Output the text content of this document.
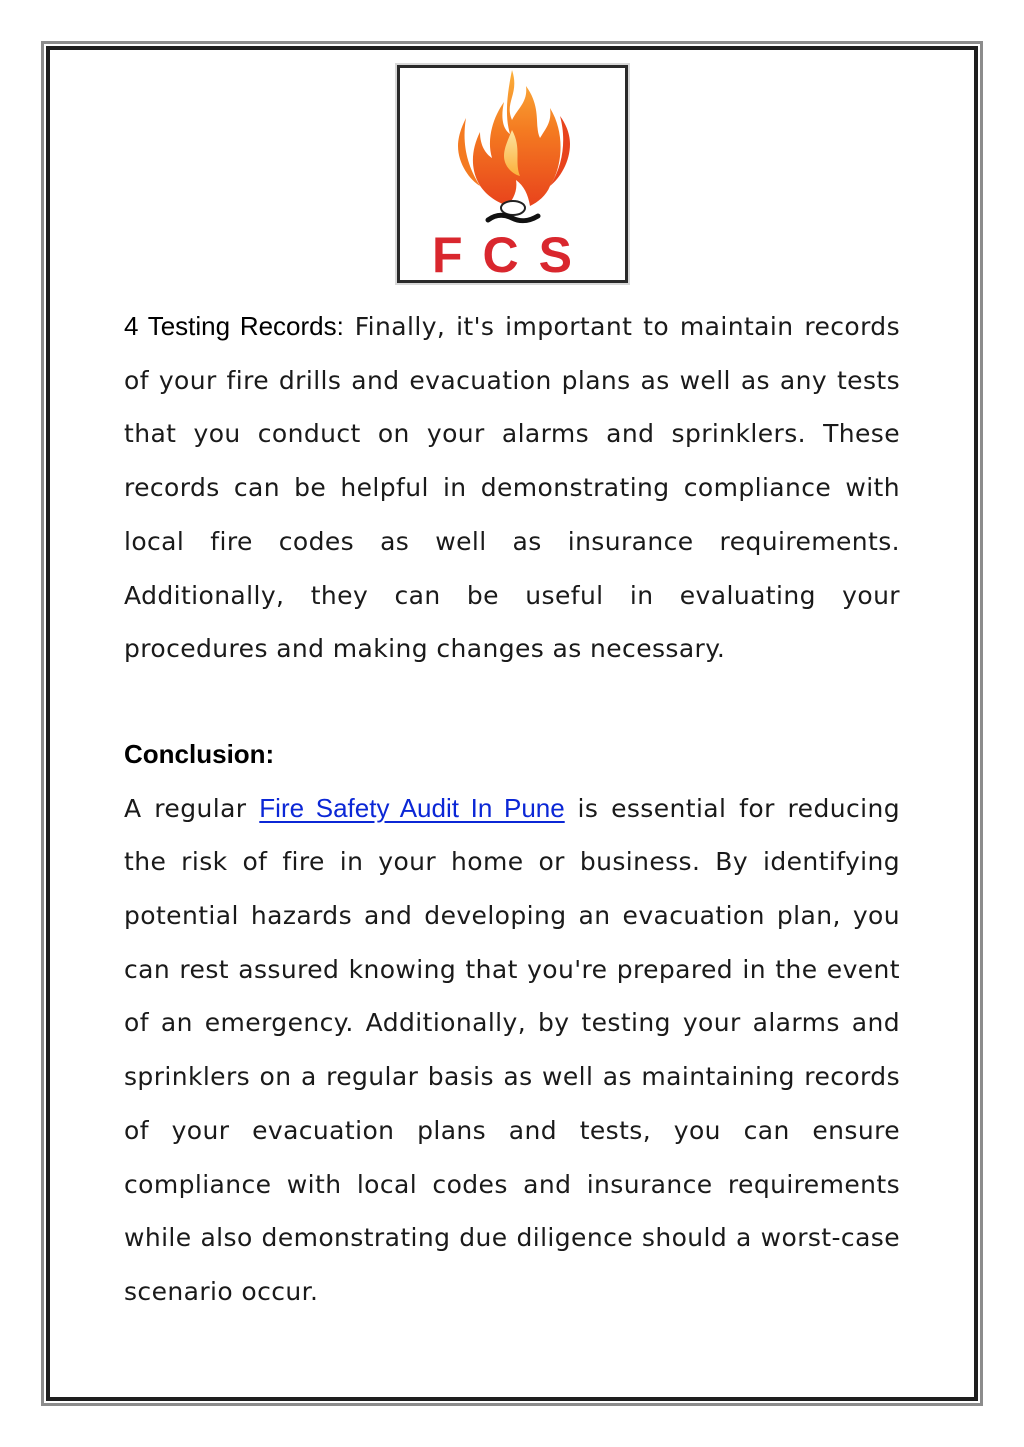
FCS

4 Testing Records: Finally, it's important to maintain records of your fire drills and evacuation plans as well as any tests that you conduct on your alarms and sprinklers. These records can be helpful in demonstrating compliance with local fire codes as well as insurance requirements. Additionally, they can be useful in evaluating your procedures and making changes as necessary.

Conclusion:

A regular Fire Safety Audit In Pune is essential for reducing the risk of fire in your home or business. By identifying potential hazards and developing an evacuation plan, you can rest assured knowing that you're prepared in the event of an emergency. Additionally, by testing your alarms and sprinklers on a regular basis as well as maintaining records of your evacuation plans and tests, you can ensure compliance with local codes and insurance requirements while also demonstrating due diligence should a worst-case scenario occur.
